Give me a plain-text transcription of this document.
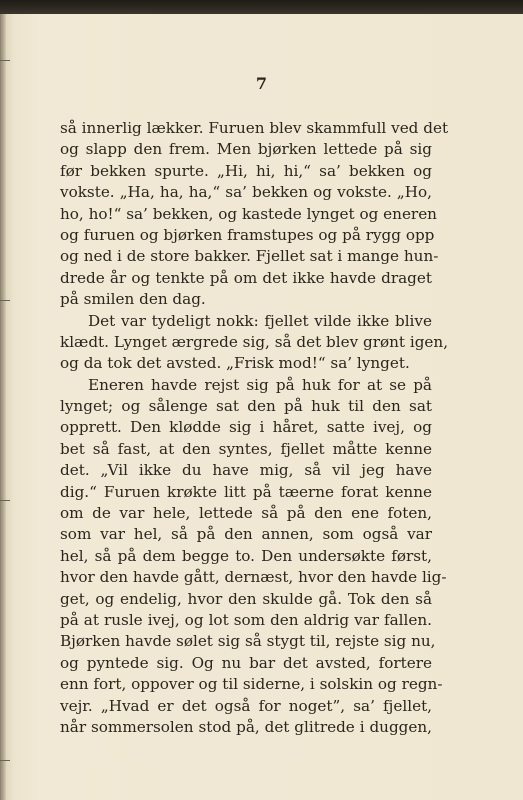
7
så innerlig lækker. Furuen blev skammfull ved det
og slapp den frem. Men bjørken lettede på sig
før bekken spurte. „Hi, hi, hi,“ sa’ bekken og
vokste. „Ha, ha, ha,“ sa’ bekken og vokste. „Ho,
ho, ho!“ sa’ bekken, og kastede lynget og eneren
og furuen og bjørken framstupes og på rygg opp
og ned i de store bakker. Fjellet sat i mange hun-
drede år og tenkte på om det ikke havde draget
på smilen den dag.
Det var tydeligt nokk: fjellet vilde ikke blive
klædt. Lynget ærgrede sig, så det blev grønt igen,
og da tok det avsted. „Frisk mod!“ sa’ lynget.
Eneren havde rejst sig på huk for at se på
lynget; og sålenge sat den på huk til den sat
opprett. Den klødde sig i håret, satte ivej, og
bet så fast, at den syntes, fjellet måtte kenne
det. „Vil ikke du have mig, så vil jeg have
dig.“ Furuen krøkte litt på tæerne forat kenne
om de var hele, lettede så på den ene foten,
som var hel, så på den annen, som også var
hel, så på dem begge to. Den undersøkte først,
hvor den havde gått, dernæst, hvor den havde lig-
get, og endelig, hvor den skulde gå. Tok den så
på at rusle ivej, og lot som den aldrig var fallen.
Bjørken havde sølet sig så stygt til, rejste sig nu,
og pyntede sig. Og nu bar det avsted, fortere
enn fort, oppover og til siderne, i solskin og regn-
vejr. „Hvad er det også for noget”, sa’ fjellet,
når sommersolen stod på, det glitrede i duggen,
